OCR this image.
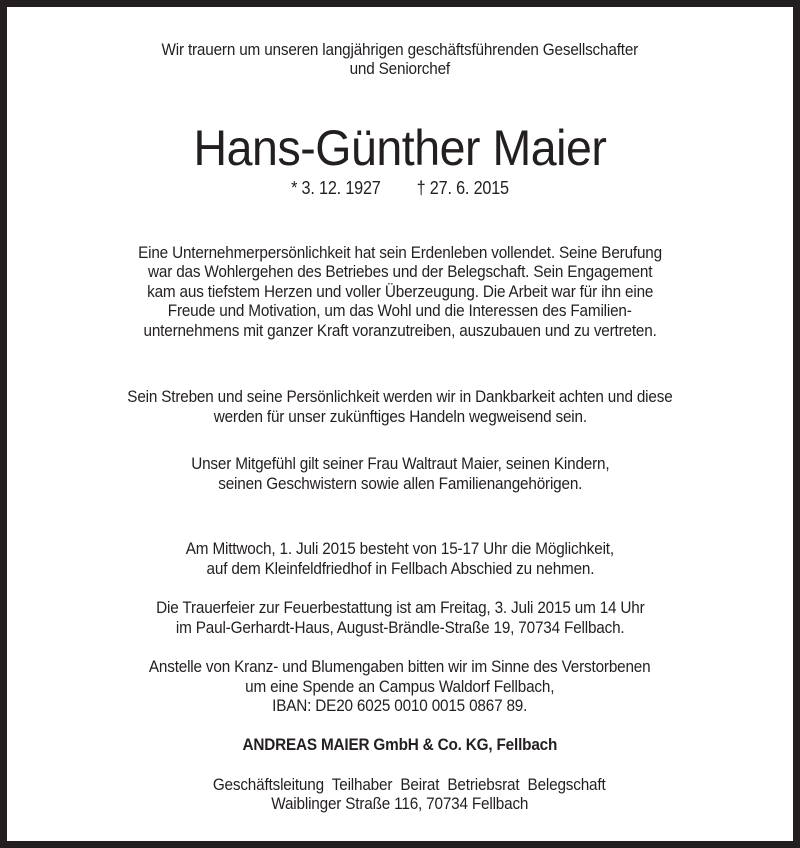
Wir trauern um unseren langjährigen geschäftsführenden Gesellschafter
und Seniorchef
Hans-Günther Maier
* 3. 12. 1927 † 27. 6. 2015
Eine Unternehmerpersönlichkeit hat sein Erdenleben vollendet. Seine Berufung
war das Wohlergehen des Betriebes und der Belegschaft. Sein Engagement
kam aus tiefstem Herzen und voller Überzeugung. Die Arbeit war für ihn eine
Freude und Motivation, um das Wohl und die Interessen des Familien-
unternehmens mit ganzer Kraft voranzutreiben, auszubauen und zu vertreten.
Sein Streben und seine Persönlichkeit werden wir in Dankbarkeit achten und diese
werden für unser zukünftiges Handeln wegweisend sein.
Unser Mitgefühl gilt seiner Frau Waltraut Maier, seinen Kindern,
seinen Geschwistern sowie allen Familienangehörigen.
Am Mittwoch, 1. Juli 2015 besteht von 15-17 Uhr die Möglichkeit,
auf dem Kleinfeldfriedhof in Fellbach Abschied zu nehmen.
Die Trauerfeier zur Feuerbestattung ist am Freitag, 3. Juli 2015 um 14 Uhr
im Paul-Gerhardt-Haus, August-Brändle-Straße 19, 70734 Fellbach.
Anstelle von Kranz- und Blumengaben bitten wir im Sinne des Verstorbenen
um eine Spende an Campus Waldorf Fellbach,
IBAN: DE20 6025 0010 0015 0867 89.
ANDREAS MAIER GmbH & Co. KG, Fellbach

Geschäftsleitung  Teilhaber  Beirat  Betriebsrat  Belegschaft

Waiblinger Straße 116, 70734 Fellbach
